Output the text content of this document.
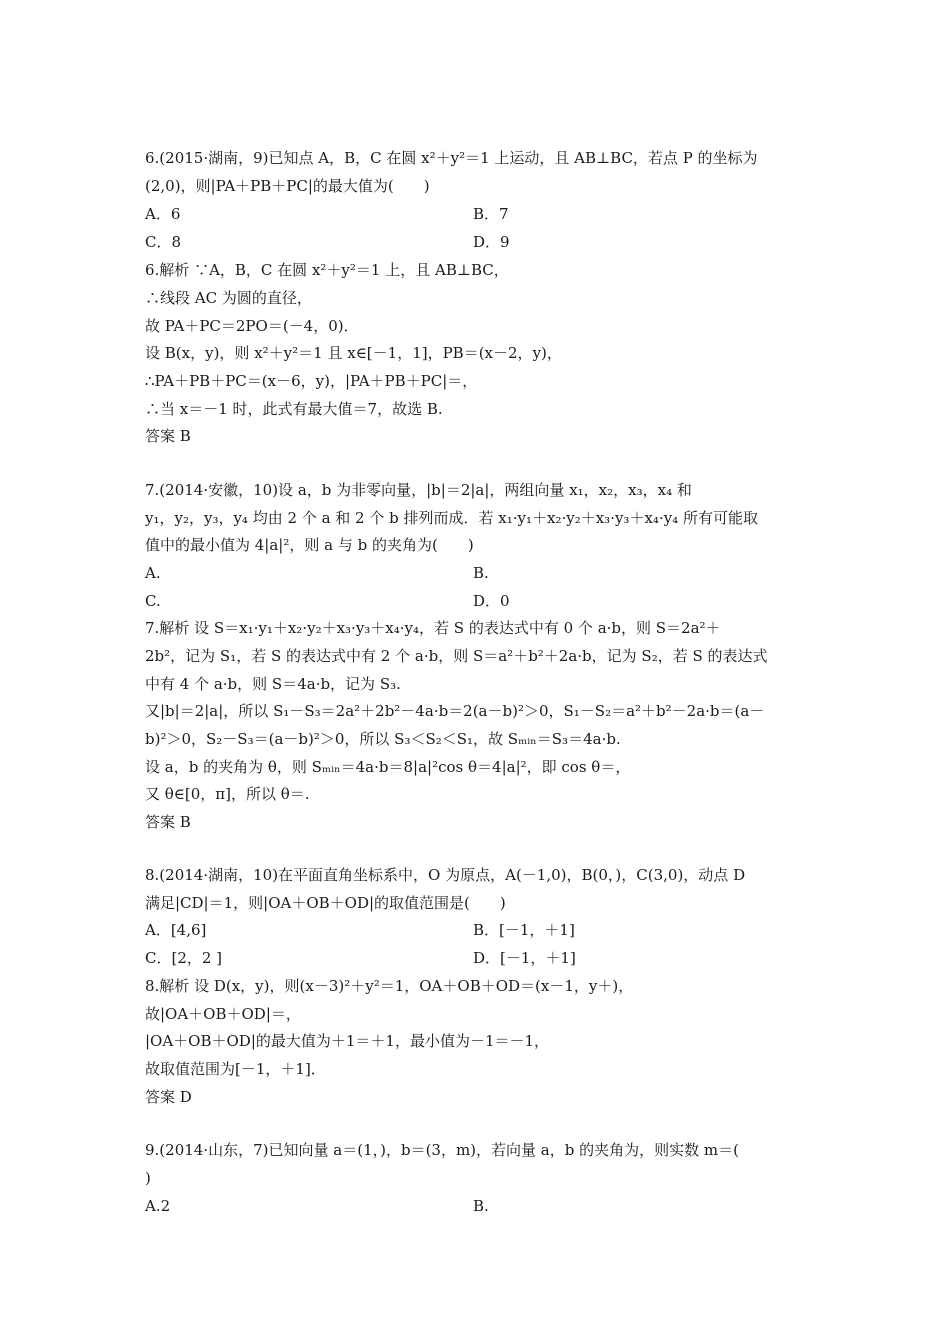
6.(2015·湖南，9)已知点 A，B，C 在圆 x²＋y²＝1 上运动，且 AB⊥BC，若点 P 的坐标为
(2,0)，则|PA＋PB＋PC|的最大值为(　　)
A．6	B．7
C．8	D．9
6.解析 ∵A，B，C 在圆 x²＋y²＝1 上，且 AB⊥BC，
∴线段 AC 为圆的直径，
故 PA＋PC＝2PO＝(－4，0)．
设 B(x，y)，则 x²＋y²＝1 且 x∈[－1，1]，PB＝(x－2，y)，
∴PA＋PB＋PC＝(x－6，y)，|PA＋PB＋PC|＝，
∴当 x＝－1 时，此式有最大值＝7，故选 B.
答案 B
7.(2014·安徽，10)设 a，b 为非零向量，|b|＝2|a|，两组向量 x₁，x₂，x₃，x₄ 和
y₁，y₂，y₃，y₄ 均由 2 个 a 和 2 个 b 排列而成．若 x₁·y₁＋x₂·y₂＋x₃·y₃＋x₄·y₄ 所有可能取
值中的最小值为 4|a|²，则 a 与 b 的夹角为(　　)
A.	B.
C.	D．0
7.解析 设 S＝x₁·y₁＋x₂·y₂＋x₃·y₃＋x₄·y₄，若 S 的表达式中有 0 个 a·b，则 S＝2a²＋
2b²，记为 S₁，若 S 的表达式中有 2 个 a·b，则 S＝a²＋b²＋2a·b，记为 S₂，若 S 的表达式
中有 4 个 a·b，则 S＝4a·b，记为 S₃.
又|b|＝2|a|，所以 S₁－S₃＝2a²＋2b²－4a·b＝2(a－b)²＞0，S₁－S₂＝a²＋b²－2a·b＝(a－
b)²＞0，S₂－S₃＝(a－b)²＞0，所以 S₃＜S₂＜S₁，故 Sₘᵢₙ＝S₃＝4a·b.
设 a，b 的夹角为 θ，则 Sₘᵢₙ＝4a·b＝8|a|²cos θ＝4|a|²，即 cos θ＝，
又 θ∈[0，π]，所以 θ＝.
答案 B
8.(2014·湖南，10)在平面直角坐标系中，O 为原点，A(－1,0)，B(0，)，C(3,0)，动点 D
满足|CD|＝1，则|OA＋OB＋OD|的取值范围是(　　)
A．[4,6]	B．[－1，＋1]
C．[2，2 ]	D．[－1，＋1]
8.解析 设 D(x，y)，则(x－3)²＋y²＝1，OA＋OB＋OD＝(x－1，y＋)，
故|OA＋OB＋OD|＝，
|OA＋OB＋OD|的最大值为＋1＝＋1，最小值为－1＝－1，
故取值范围为[－1，＋1]．
答案 D
9.(2014·山东，7)已知向量 a＝(1，)，b＝(3，m)，若向量 a，b 的夹角为，则实数 m＝(
)
A.2	B.
